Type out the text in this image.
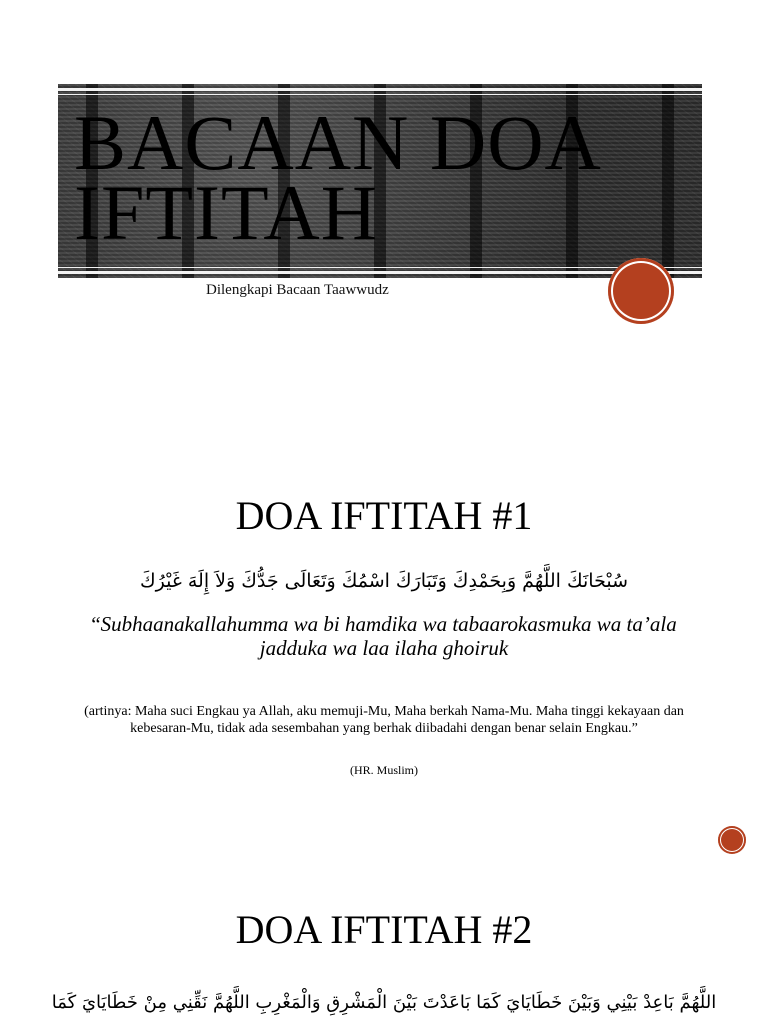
BACAAN DOA
IFTITAH
Dilengkapi Bacaan Taawwudz
DOA IFTITAH #1
سُبْحَانَكَ اللَّهُمَّ وَبِحَمْدِكَ وَتَبَارَكَ اسْمُكَ وَتَعَالَى جَدُّكَ وَلاَ إِلَهَ غَيْرُكَ
“Subhaanakallahumma wa bi hamdika wa tabaarokasmuka wa ta’ala jadduka wa laa ilaha ghoiruk
(artinya: Maha suci Engkau ya Allah, aku memuji-Mu, Maha berkah Nama-Mu. Maha tinggi kekayaan dan kebesaran-Mu, tidak ada sesembahan yang berhak diibadahi dengan benar selain Engkau.”
(HR. Muslim)
DOA IFTITAH #2
اللَّهُمَّ بَاعِدْ بَيْنِي وَبَيْنَ خَطَايَايَ كَمَا بَاعَدْتَ بَيْنَ الْمَشْرِقِ وَالْمَغْرِبِ اللَّهُمَّ نَقِّنِي مِنْ خَطَايَايَ كَمَا
